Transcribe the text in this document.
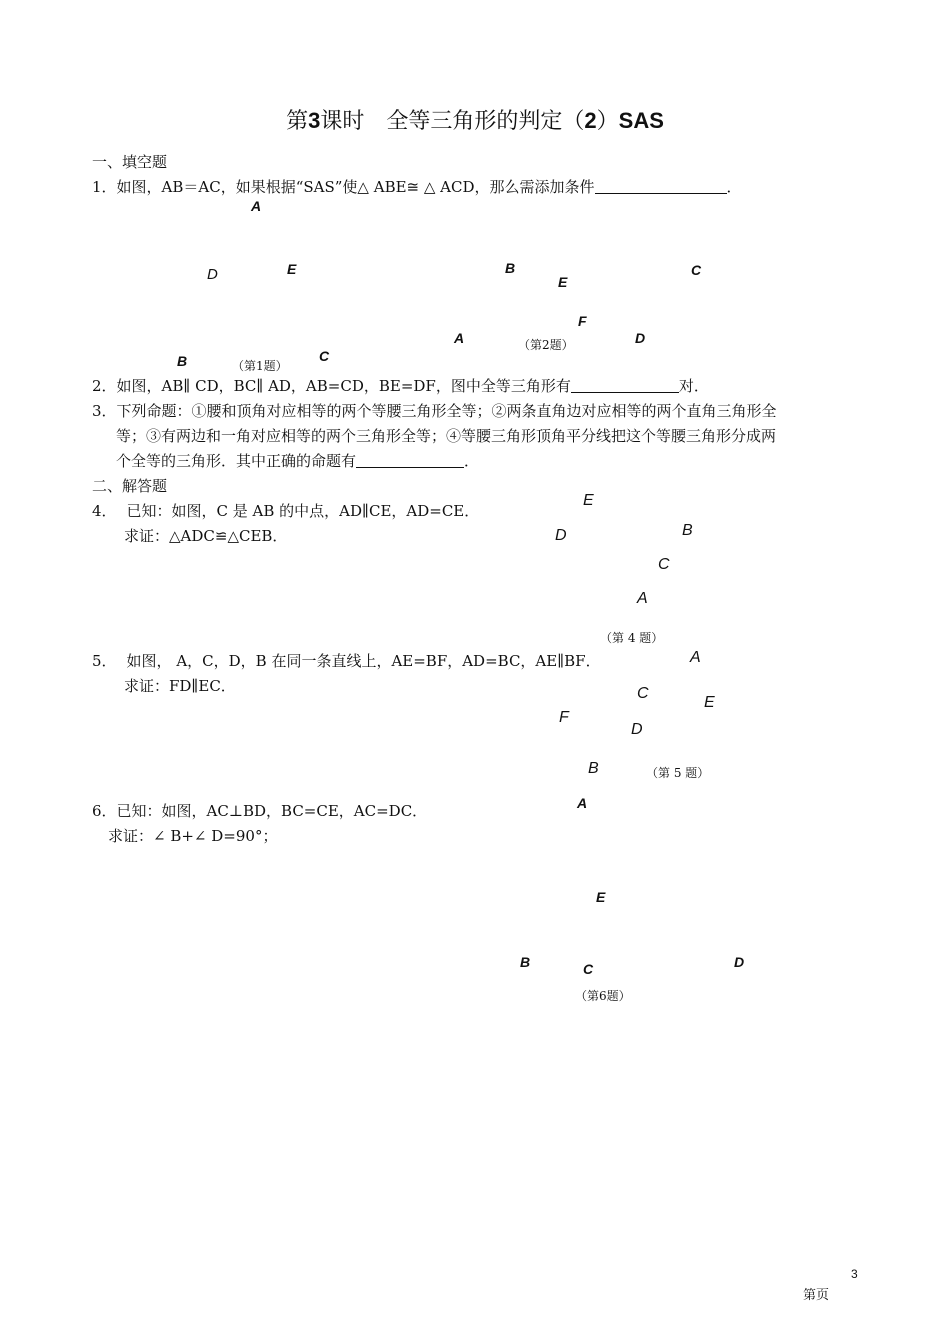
第3课时　全等三角形的判定（2）SAS
一、填空题
1．如图，AB＝AC，如果根据“SAS”使△ ABE≅ △ ACD，那么需添加条件	．
A
D	E
B	C
（第1题）
B
E
C
F
A	D
（第2题）
2．如图，AB∥ CD，BC∥ AD，AB=CD，BE=DF，图中全等三角形有	对．
3．下列命题：①腰和顶角对应相等的两个等腰三角形全等；②两条直角边对应相等的两个直角三角形全
等；③有两边和一角对应相等的两个三角形全等；④等腰三角形顶角平分线把这个等腰三角形分成两
个全等的三角形．其中正确的命题有	．
二、解答题
4． 已知：如图，C 是 AB 的中点，AD∥CE，AD=CE．
求证：△ADC≌△CEB．
E
D	B
C
A
（第 4 题）
5． 如图， A，C，D，B 在同一条直线上，AE=BF，AD=BC，AE∥BF．
求证：FD∥EC．
A
C
E
F
D
B	（第 5 题）
6．已知：如图，AC⊥BD，BC=CE，AC=DC．
求证：∠ B+∠ D=90°；
A
E
B	C	D
（第6题）
3
第页
